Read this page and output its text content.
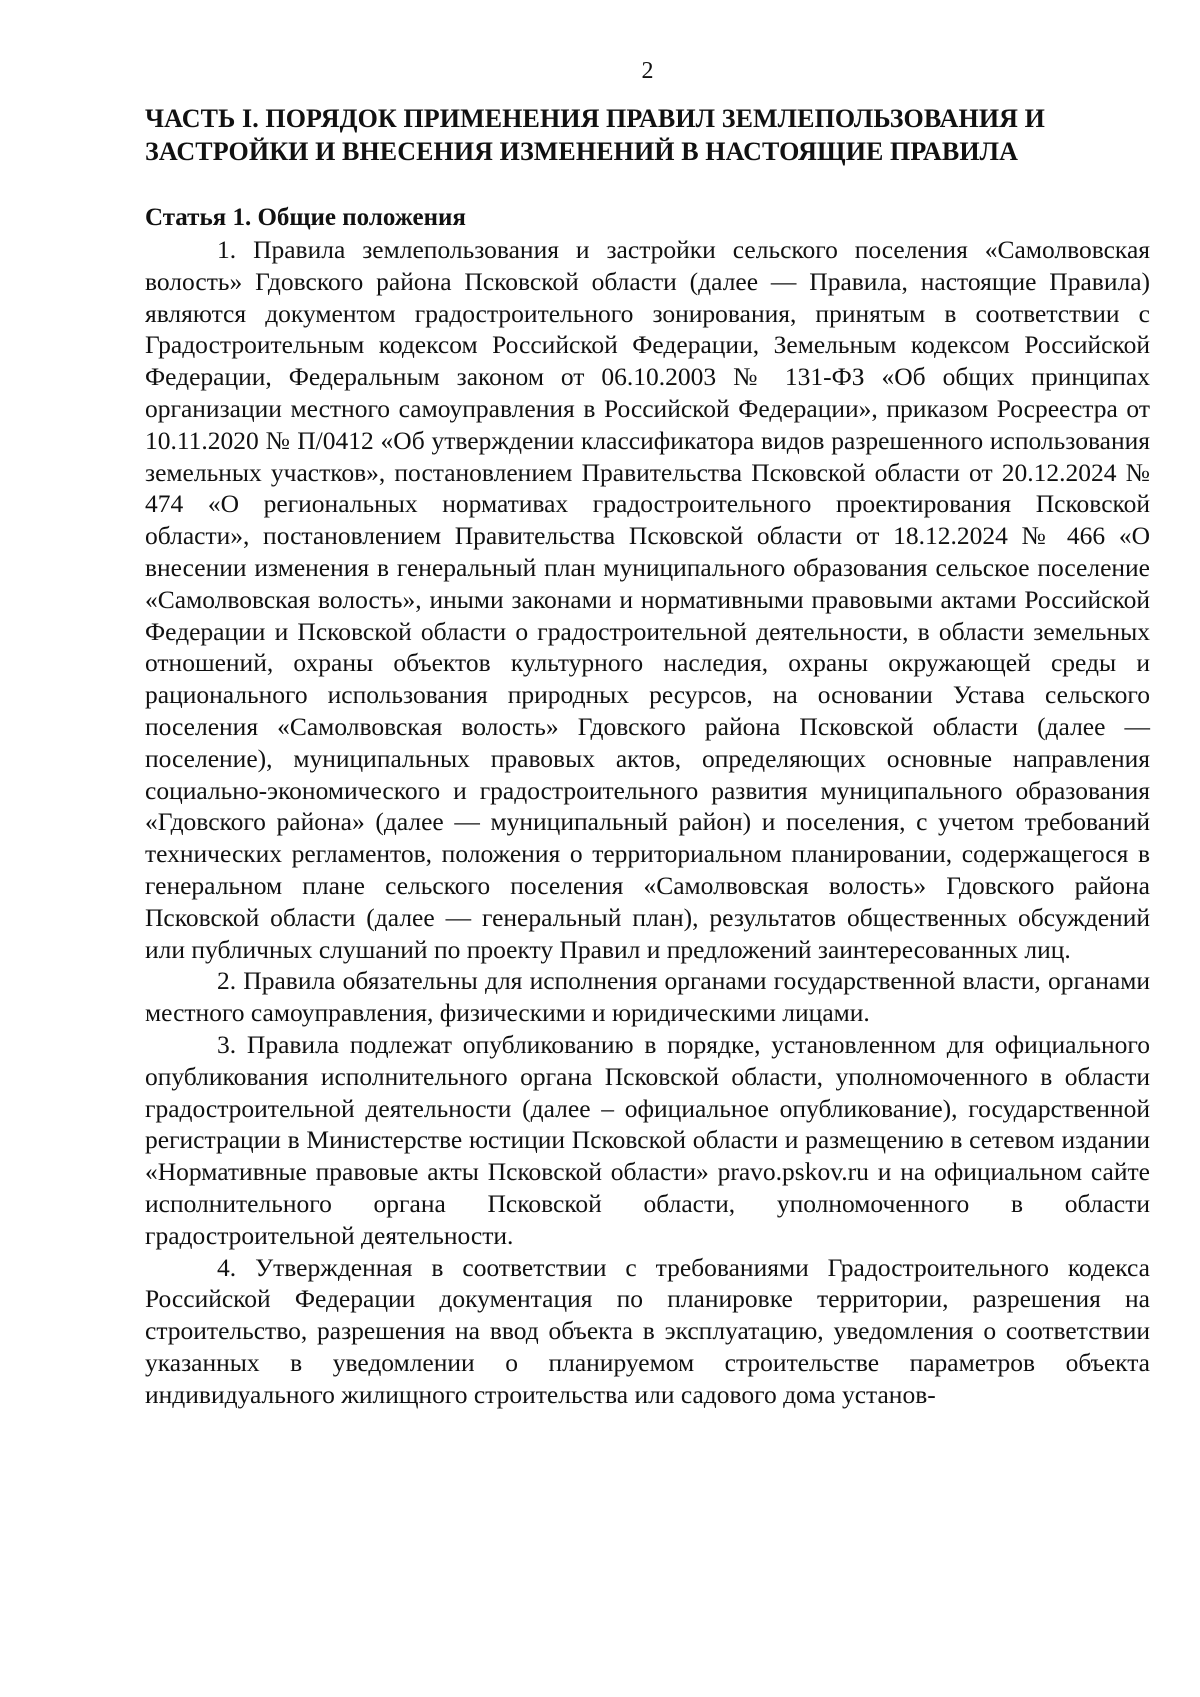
2
ЧАСТЬ I. ПОРЯДОК ПРИМЕНЕНИЯ ПРАВИЛ ЗЕМЛЕПОЛЬЗОВАНИЯ И ЗАСТРОЙКИ И ВНЕСЕНИЯ ИЗМЕНЕНИЙ В НАСТОЯЩИЕ ПРАВИЛА
Статья 1. Общие положения

1. Правила землепользования и застройки сельского поселения «Самолвовская волость» Гдовского района Псковской области (далее — Правила, настоящие Правила) являются документом градостроительного зонирования, принятым в соответствии с Градостроительным кодексом Российской Федерации, Земельным кодексом Российской Федерации, Федеральным законом от 06.10.2003 № 131-ФЗ «Об общих принципах организации местного самоуправления в Российской Федерации», приказом Росреестра от 10.11.2020 № П/0412 «Об утверждении классификатора видов разрешенного использования земельных участков», постановлением Правительства Псковской области от 20.12.2024 № 474 «О региональных нормативах градостроительного проектирования Псковской области», постановлением Правительства Псковской области от 18.12.2024 № 466 «О внесении изменения в генеральный план муниципального образования сельское поселение «Самолвовская волость», иными законами и нормативными правовыми актами Российской Федерации и Псковской области о градостроительной деятельности, в области земельных отношений, охраны объектов культурного наследия, охраны окружающей среды и рационального использования природных ресурсов, на основании Устава сельского поселения «Самолвовская волость» Гдовского района Псковской области (далее — поселение), муниципальных правовых актов, определяющих основные направления социально-экономического и градостроительного развития муниципального образования «Гдовского района» (далее — муниципальный район) и поселения, с учетом требований технических регламентов, положения о территориальном планировании, содержащегося в генеральном плане сельского поселения «Самолвовская волость» Гдовского района Псковской области (далее — генеральный план), результатов общественных обсуждений или публичных слушаний по проекту Правил и предложений заинтересованных лиц.

2. Правила обязательны для исполнения органами государственной власти, органами местного самоуправления, физическими и юридическими лицами.

3. Правила подлежат опубликованию в порядке, установленном для официального опубликования исполнительного органа Псковской области, уполномоченного в области градостроительной деятельности (далее – официальное опубликование), государственной регистрации в Министерстве юстиции Псковской области и размещению в сетевом издании «Нормативные правовые акты Псковской области» pravo.pskov.ru и на официальном сайте исполнительного органа Псковской области, уполномоченного в области градостроительной деятельности.

4. Утвержденная в соответствии с требованиями Градостроительного кодекса Российской Федерации документация по планировке территории, разрешения на строительство, разрешения на ввод объекта в эксплуатацию, уведомления о соответствии указанных в уведомлении о планируемом строительстве параметров объекта индивидуального жилищного строительства или садового дома установ-
